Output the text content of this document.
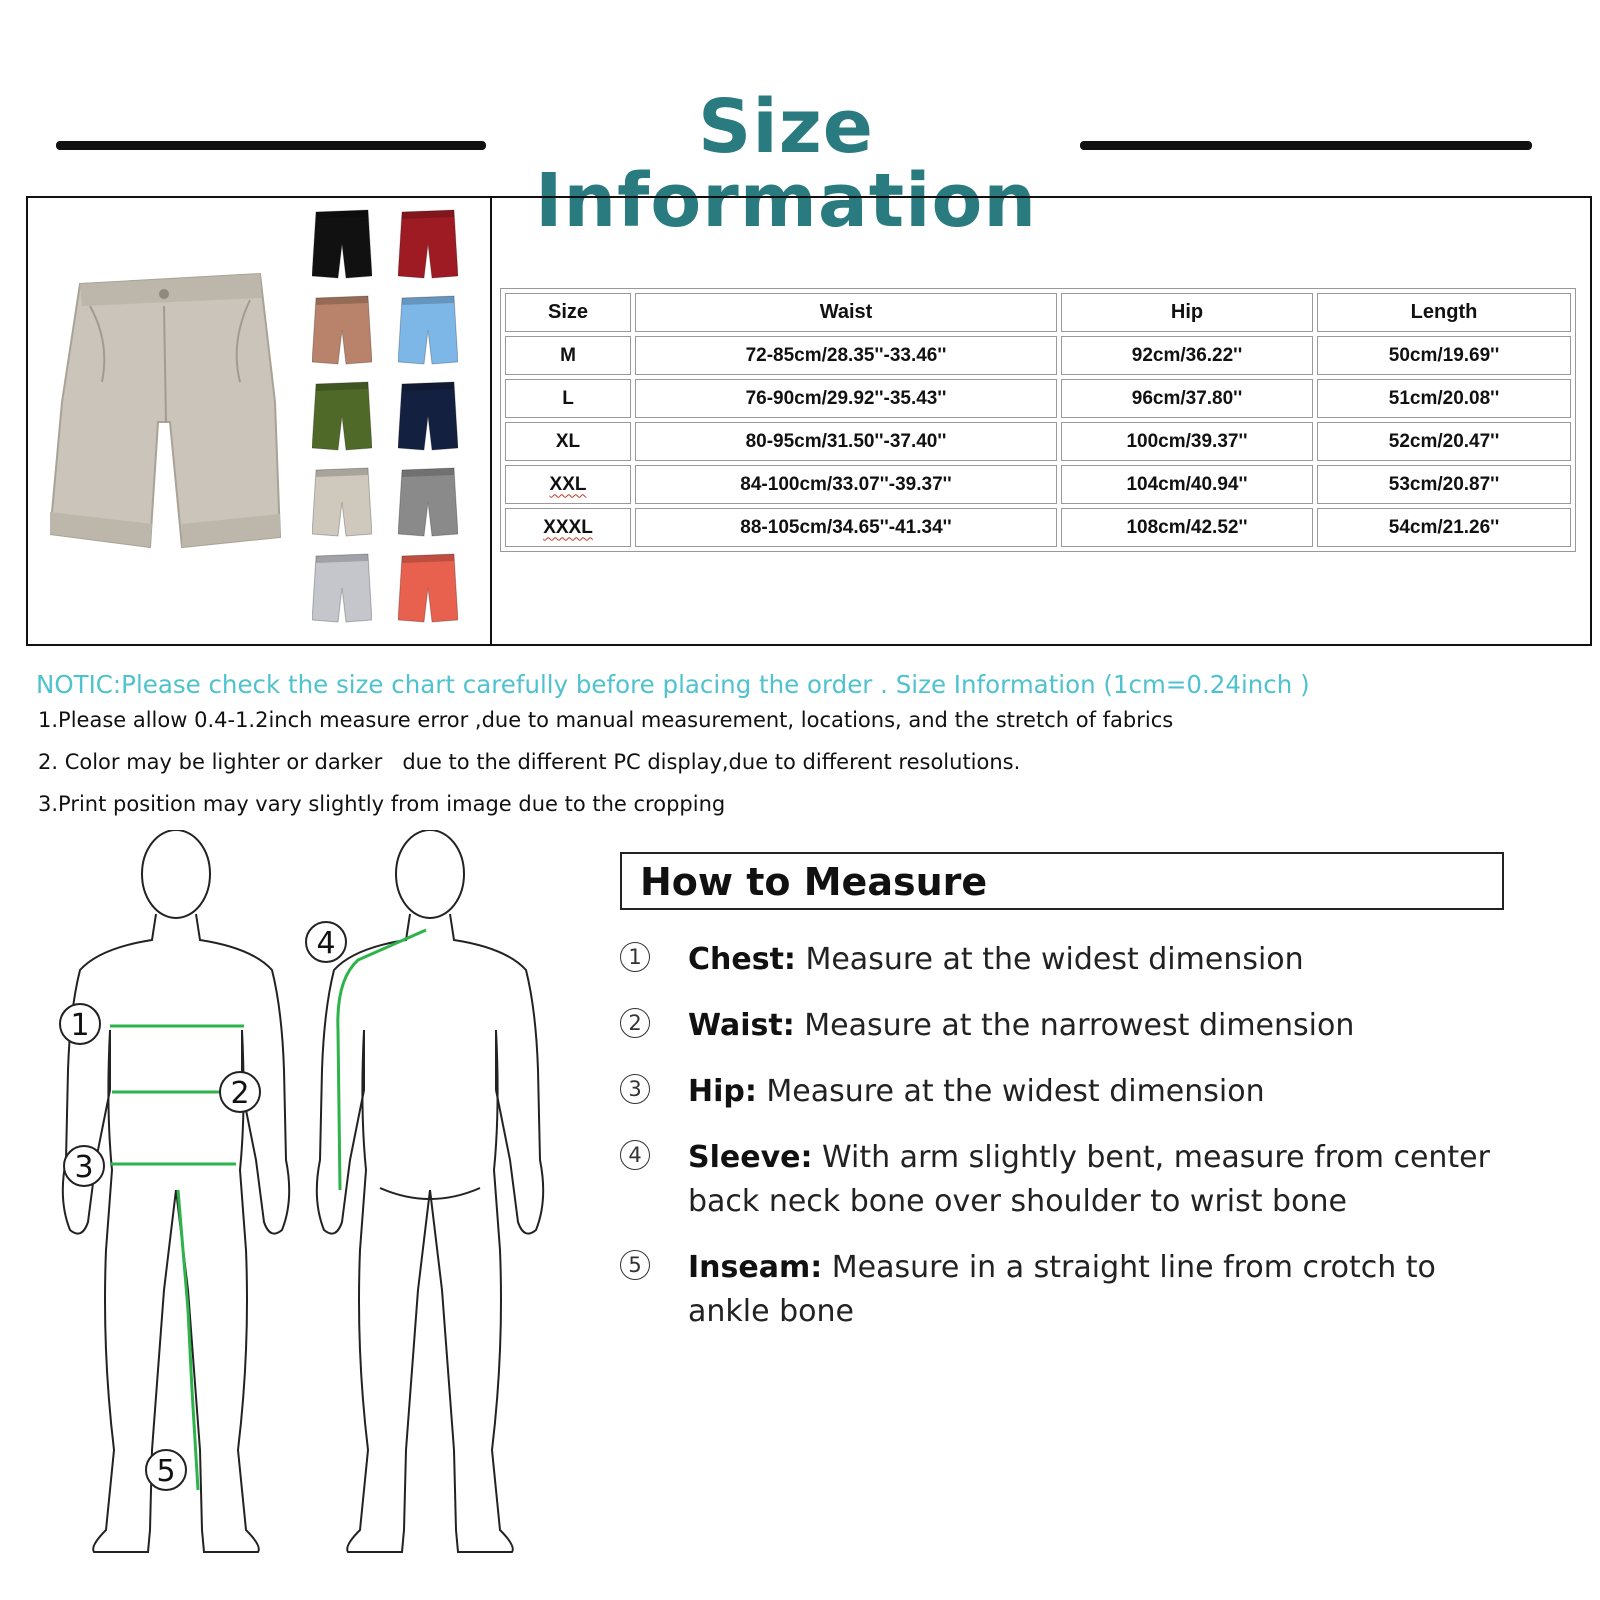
Size Information
Size	Waist	Hip	Length
M	72-85cm/28.35''-33.46''	92cm/36.22''	50cm/19.69''
L	76-90cm/29.92''-35.43''	96cm/37.80''	51cm/20.08''
XL	80-95cm/31.50''-37.40''	100cm/39.37''	52cm/20.47''
XXL	84-100cm/33.07''-39.37''	104cm/40.94''	53cm/20.87''
XXXL	88-105cm/34.65''-41.34''	108cm/42.52''	54cm/21.26''
NOTIC:Please check the size chart carefully before placing the order . Size Information (1cm=0.24inch )
1.Please allow 0.4-1.2inch measure error ,due to manual measurement, locations, and the stretch of fabrics
2. Color may be lighter or darker   due to the different PC display,due to different resolutions.
3.Print position may vary slightly from image due to the cropping
1
2
3
4
5
How to Measure
1 Chest: Measure at the widest dimension
2 Waist: Measure at the narrowest dimension
3 Hip: Measure at the widest dimension
4 Sleeve: With arm slightly bent, measure from center back neck bone over shoulder to wrist bone
5 Inseam: Measure in a straight line from crotch to ankle bone
